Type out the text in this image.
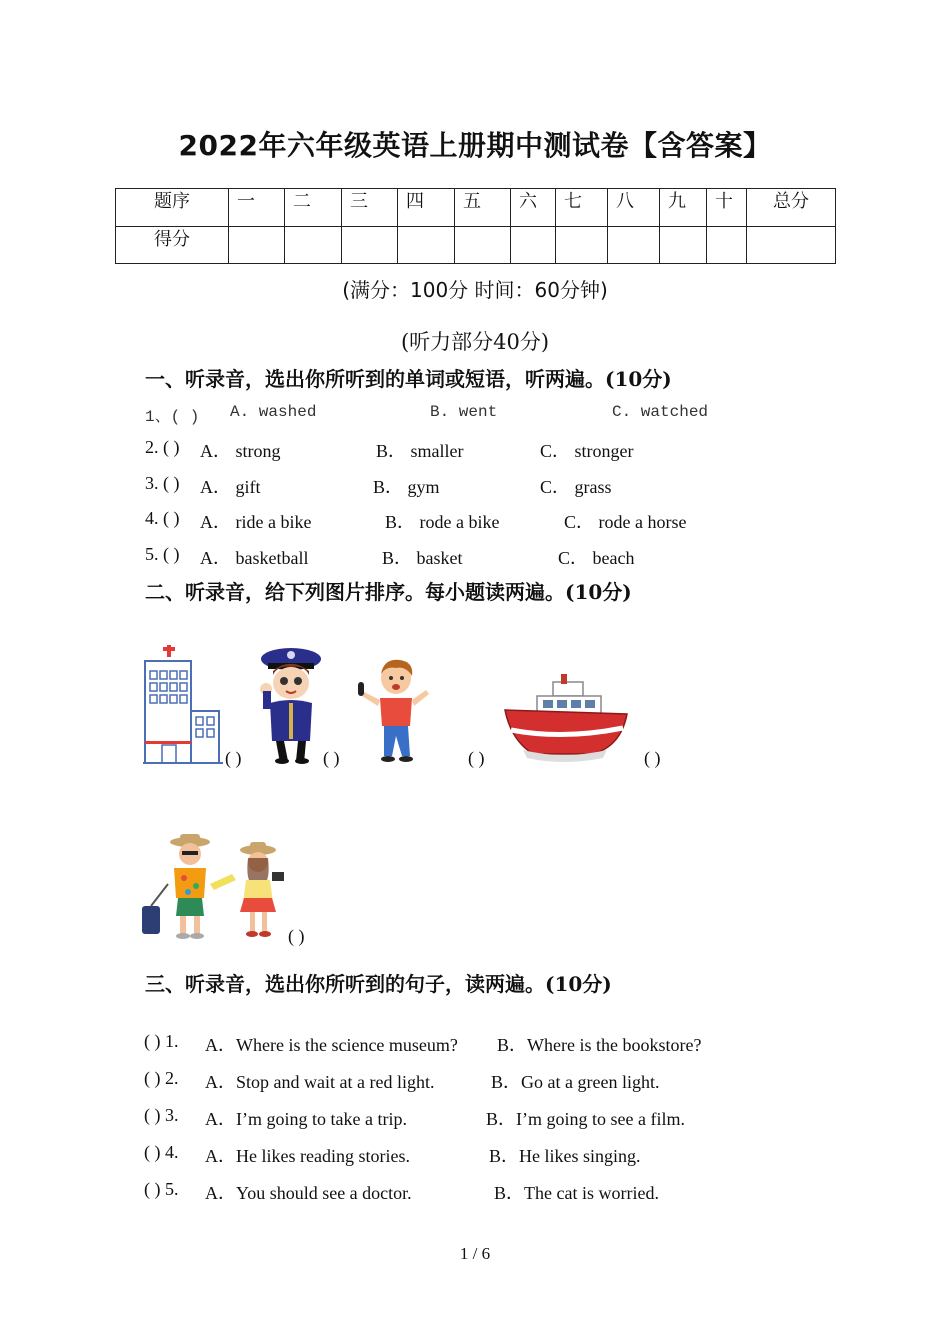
2022年六年级英语上册期中测试卷【含答案】
题序	一	二	三	四	五	六	七	八	九	十	总分
得分											
(满分：100分 时间：60分钟)
(听力部分40分)
一、听录音，选出你所听到的单词或短语，听两遍。(10分)
1、( ) A. washed	B. went	C. watched
2. ( ) A． strong	B． smaller	C． stronger
3. ( ) A． gift	B． gym	C． grass
4. ( ) A． ride a bike	B． rode a bike	C． rode a horse
5. ( ) A． basketball	B． basket	C． beach
二、听录音，给下列图片排序。每小题读两遍。(10分)
( )	( )	( )	( )
( )
三、听录音，选出你所听到的句子，读两遍。(10分)
( ) 1. A．Where is the science museum? B．Where is the bookstore?
( ) 2. A．Stop and wait at a red light.	B．Go at a green light.
( ) 3. A．I’m going to take a trip.	B．I’m going to see a film.
( ) 4. A．He likes reading stories.	B．He likes singing.
( ) 5. A．You should see a doctor.	B．The cat is worried.
1 / 6
